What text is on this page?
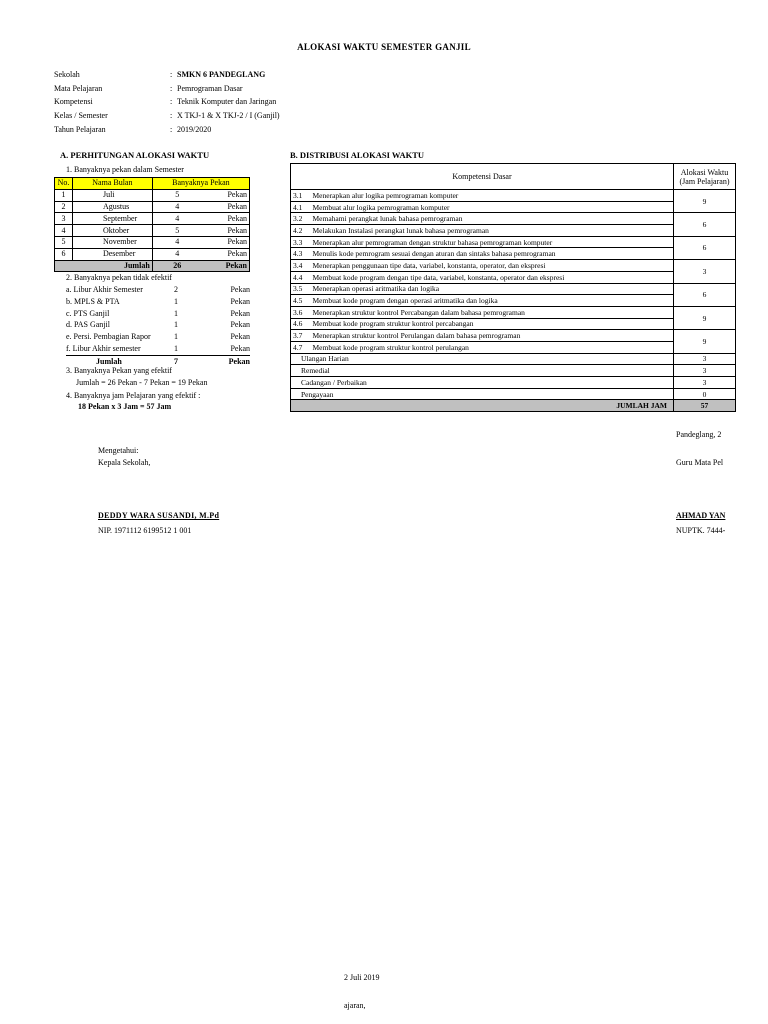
ALOKASI WAKTU SEMESTER GANJIL
Sekolah	: SMKN 6 PANDEGLANG
Mata Pelajaran	: Pemrograman Dasar
Kompetensi	: Teknik Komputer dan Jaringan
Kelas / Semester	: X TKJ-1 & X TKJ-2 / I (Ganjil)
Tahun Pelajaran	: 2019/2020
A. PERHITUNGAN ALOKASI WAKTU	B. DISTRIBUSI ALOKASI WAKTU
1. Banyaknya pekan dalam Semester
No.	Nama Bulan	Banyaknya Pekan	
1	Juli	5	Pekan
2	Agustus	4	Pekan
3	September	4	Pekan
4	Oktober	5	Pekan
5	November	4	Pekan
6	Desember	4	Pekan
	Jumlah	26	Pekan
2. Banyaknya pekan tidak efektif
a. Libur Akhir Semester	2	Pekan
b. MPLS & PTA	1	Pekan
c. PTS Ganjil	1	Pekan
d. PAS Ganjil	1	Pekan
e. Persi. Pembagian Rapor	1	Pekan
f. Libur Akhir semester	1	Pekan
Jumlah	7	Pekan
3. Banyaknya Pekan yang efektif
Jumlah = 26 Pekan - 7 Pekan = 19 Pekan
4. Banyaknya jam Pelajaran yang efektif :
18 Pekan x 3 Jam = 57 Jam
Kompetensi Dasar		Alokasi Waktu
(Jam Pelajaran)

3.1	Menerapkan alur logika pemrograman komputer	9
4.1	Membuat alur logika pemrograman komputer	
3.2	Memahami perangkat lunak bahasa pemrograman	6
4.2	Melakukan Instalasi perangkat lunak bahasa pemrograman	
3.3	Menerapkan alur pemrograman dengan struktur bahasa pemrograman komputer	6
4.3	Menulis kode pemrogram sesuai dengan aturan dan sintaks bahasa pemrograman	
3.4	Menerapkan penggunaan tipe data, variabel, konstanta, operator, dan ekspresi	3
4.4	Membuat kode program dengan tipe data, variabel, konstanta, operator dan ekspresi	
3.5	Menerapkan operasi aritmatika dan logika	6
4.5	Membuat kode program dengan operasi aritmatika dan logika	
3.6	Menerapkan struktur kontrol Percabangan dalam bahasa pemrograman	9
4.6	Membuat kode program struktur kontrol percabangan	
3.7	Menerapkan struktur kontrol Perulangan dalam bahasa pemrograman	9
4.7	Membuat kode program struktur kontrol perulangan	
Ulangan Harian		3
Remedial		3
Cadangan / Perbaikan		3
Pengayaan		0
JUMLAH JAM		57
Pandeglang, 2
Mengetahui:
Kepala Sekolah,	Guru Mata Pel
DEDDY WARA SUSANDI, M.Pd
NIP. 1971112 6199512 1 001
AHMAD YAN
NUPTK. 7444-
2 Juli 2019
ajaran,
